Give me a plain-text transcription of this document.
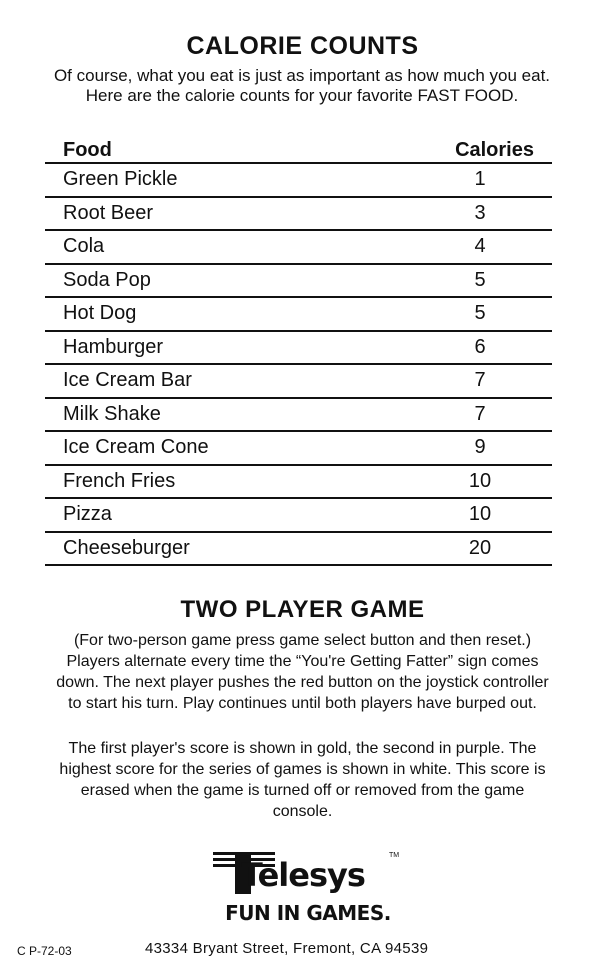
CALORIE COUNTS
Of course, what you eat is just as important as how much you eat. Here are the calorie counts for your favorite FAST FOOD.
Food	Calories
Green Pickle	1
Root Beer	3
Cola	4
Soda Pop	5
Hot Dog	5
Hamburger	6
Ice Cream Bar	7
Milk Shake	7
Ice Cream Cone	9
French Fries	10
Pizza	10
Cheeseburger	20
TWO PLAYER GAME
(For two-person game press game select button and then reset.) Players alternate every time the “You're Getting Fatter” sign comes down. The next player pushes the red button on the joystick controller to start his turn. Play continues until both players have burped out.
The first player's score is shown in gold, the second in purple. The highest score for the series of games is shown in white. This score is erased when the game is turned off or removed from the game console.
Telesys
TM
FUN IN GAMES.
C P-72-03	43334 Bryant Street, Fremont, CA 94539
